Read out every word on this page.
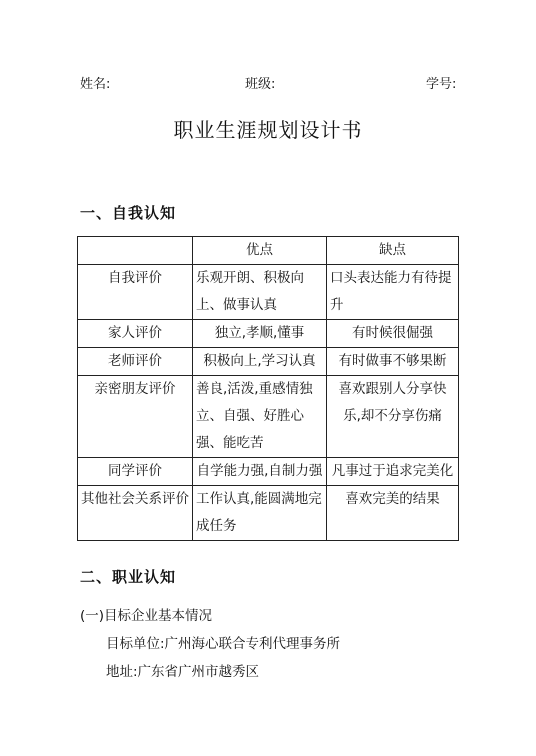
姓名:	班级:	学号:
职业生涯规划设计书
一、自我认知
	优点	缺点
自我评价	乐观开朗、积极向上、做事认真	口头表达能力有待提升
家人评价	独立,孝顺,懂事	有时候很倔强
老师评价	积极向上,学习认真	有时做事不够果断
亲密朋友评价	善良,活泼,重感情独立、自强、好胜心强、能吃苦	喜欢跟别人分享快乐,却不分享伤痛
同学评价	自学能力强,自制力强	凡事过于追求完美化
其他社会关系评价	工作认真,能圆满地完成任务	喜欢完美的结果
二、职业认知
(一)目标企业基本情况
目标单位:广州海心联合专利代理事务所
地址:广东省广州市越秀区
